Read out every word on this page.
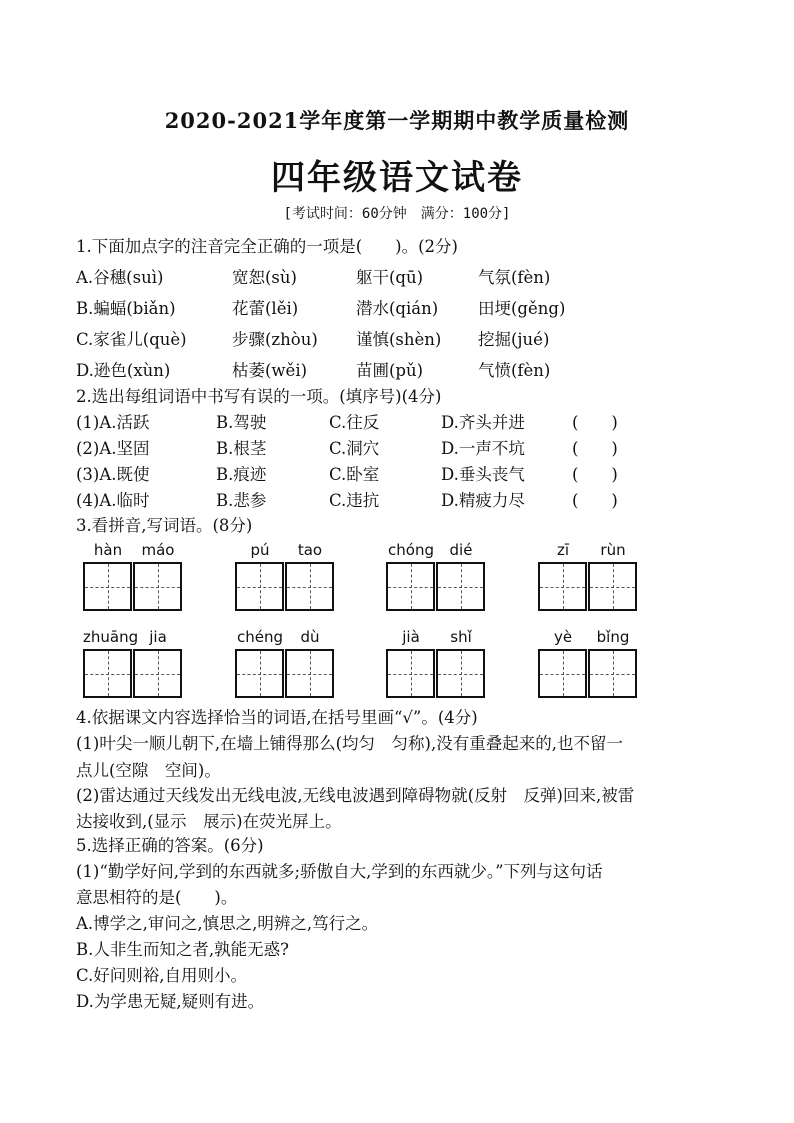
2020-2021学年度第一学期期中教学质量检测
四年级语文试卷
[考试时间：60分钟　满分：100分]
1.下面加点字的注音完全正确的一项是(　　)。(2分)
A.谷穗(suì)	宽恕(sù)	躯干(qū)	气氛(fèn)
B.蝙蝠(biǎn)	花蕾(lěi)	潜水(qián) 田埂(gěng)
C.家雀儿(què)	步骤(zhòu) 谨慎(shèn) 挖掘(jué)
D.逊色(xùn)	枯萎(wěi)	苗圃(pǔ)	气愤(fèn)
2.选出每组词语中书写有误的一项。(填序号)(4分)
(1)A.活跃	B.驾驶	C.往反	D.齐头并进	(　　)
(2)A.坚固	B.根茎	C.洞穴	D.一声不坑	(　　)
(3)A.既使	B.痕迹	C.卧室	D.垂头丧气	(　　)
(4)A.临时	B.悲参	C.违抗	D.精疲力尽	(　　)
3.看拼音,写词语。(8分)
hàn	máo	pú	tao	chóng	dié	zī	rùn
zhuāng jia	chéng	dù	jià	shǐ	yè	bǐng
4.依据课文内容选择恰当的词语,在括号里画“√”。(4分)
(1)叶尖一顺儿朝下,在墙上铺得那么(均匀　匀称),没有重叠起来的,也不留一
点儿(空隙　空间)。
(2)雷达通过天线发出无线电波,无线电波遇到障碍物就(反射　反弹)回来,被雷
达接收到,(显示　展示)在荧光屏上。
5.选择正确的答案。(6分)
(1)“勤学好问,学到的东西就多;骄傲自大,学到的东西就少。”下列与这句话
意思相符的是(　　)。
A.博学之,审问之,慎思之,明辨之,笃行之。
B.人非生而知之者,孰能无惑?
C.好问则裕,自用则小。
D.为学患无疑,疑则有进。
